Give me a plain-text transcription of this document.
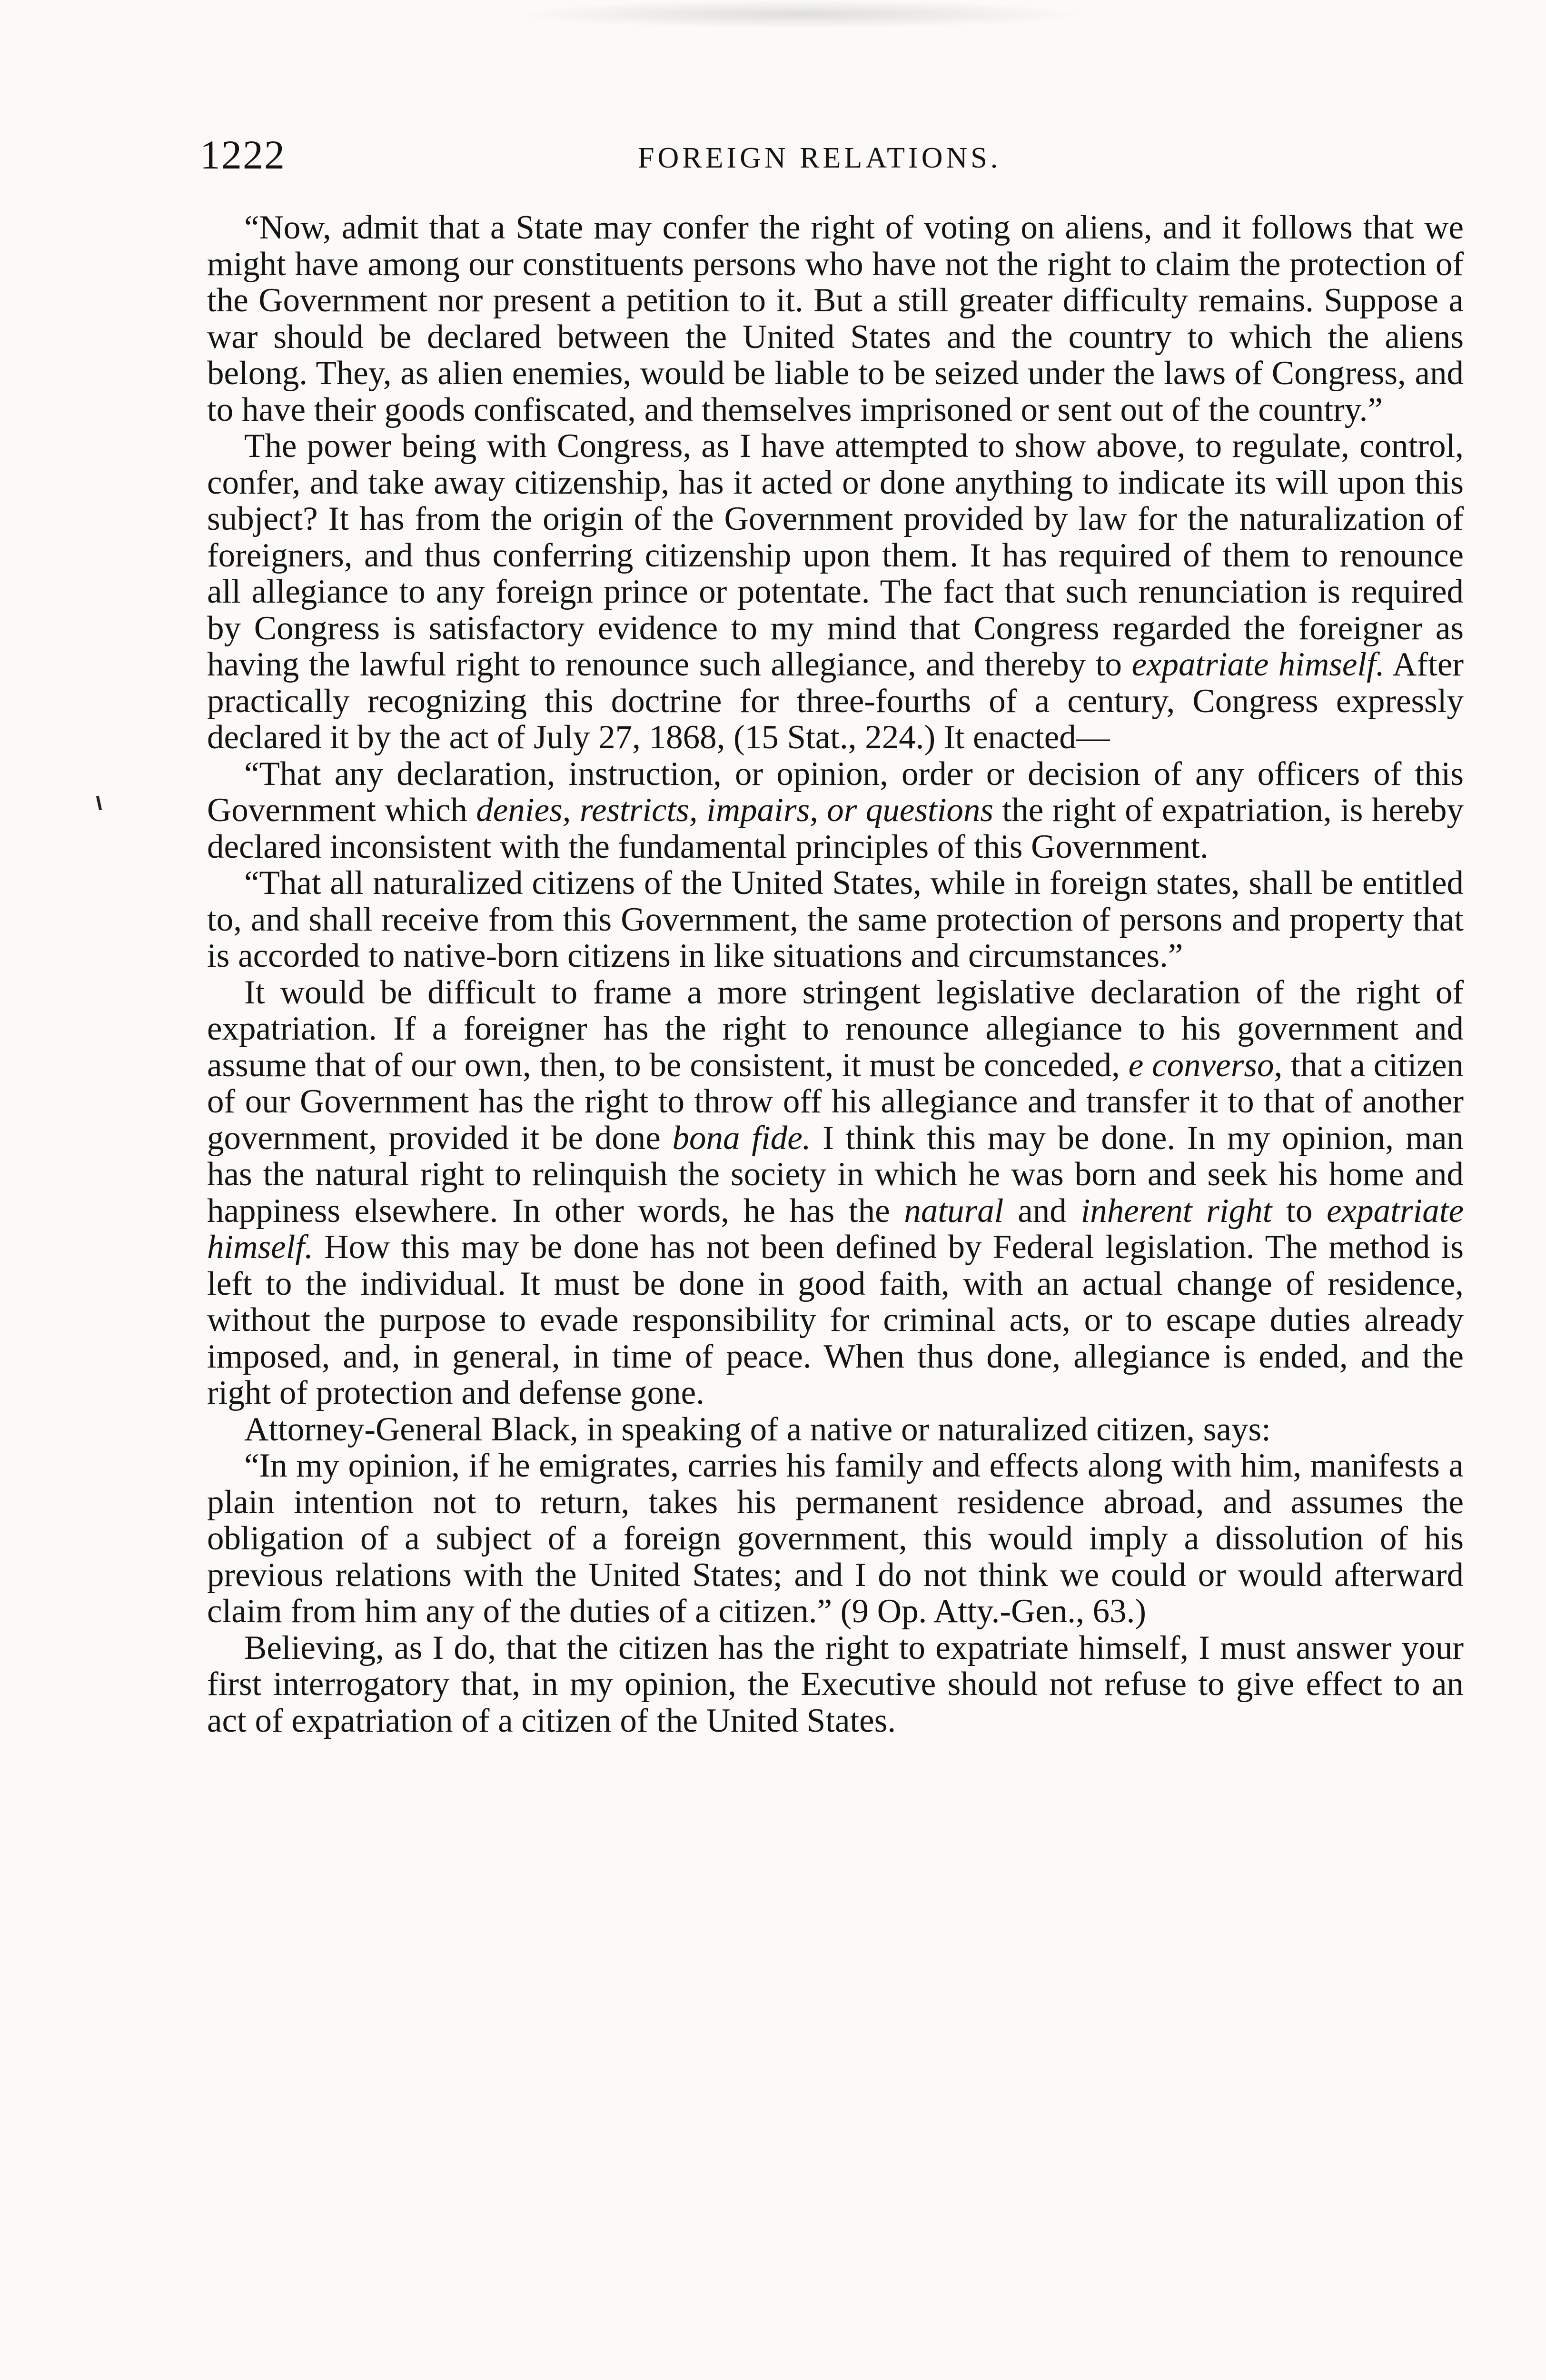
1222	FOREIGN RELATIONS.

“Now, admit that a State may confer the right of voting on aliens, and it follows that we might have among our constituents persons who have not the right to claim the protection of the Government nor present a petition to it. But a still greater difficulty remains. Suppose a war should be declared between the United States and the country to which the aliens belong. They, as alien enemies, would be liable to be seized under the laws of Congress, and to have their goods confiscated, and themselves imprisoned or sent out of the country.”

The power being with Congress, as I have attempted to show above, to regulate, control, confer, and take away citizenship, has it acted or done anything to indicate its will upon this subject? It has from the origin of the Government provided by law for the naturalization of foreigners, and thus conferring citizenship upon them. It has required of them to renounce all allegiance to any foreign prince or potentate. The fact that such renunciation is required by Congress is satisfactory evidence to my mind that Congress regarded the foreigner as having the lawful right to renounce such allegiance, and thereby to expatriate himself. After practically recognizing this doctrine for three-fourths of a century, Congress expressly declared it by the act of July 27, 1868, (15 Stat., 224.) It enacted—

“That any declaration, instruction, or opinion, order or decision of any officers of this Government which denies, restricts, impairs, or questions the right of expatriation, is hereby declared inconsistent with the fundamental principles of this Government.

“That all naturalized citizens of the United States, while in foreign states, shall be entitled to, and shall receive from this Government, the same protection of persons and property that is accorded to native-born citizens in like situations and circumstances.”

It would be difficult to frame a more stringent legislative declaration of the right of expatriation. If a foreigner has the right to renounce allegiance to his government and assume that of our own, then, to be consistent, it must be conceded, e converso, that a citizen of our Government has the right to throw off his allegiance and transfer it to that of another government, provided it be done bona fide. I think this may be done. In my opinion, man has the natural right to relinquish the society in which he was born and seek his home and happiness elsewhere. In other words, he has the natural and inherent right to expatriate himself. How this may be done has not been defined by Federal legislation. The method is left to the individual. It must be done in good faith, with an actual change of residence, without the purpose to evade responsibility for criminal acts, or to escape duties already imposed, and, in general, in time of peace. When thus done, allegiance is ended, and the right of protection and defense gone.

Attorney-General Black, in speaking of a native or naturalized citizen, says:

“In my opinion, if he emigrates, carries his family and effects along with him, manifests a plain intention not to return, takes his permanent residence abroad, and assumes the obligation of a subject of a foreign government, this would imply a dissolution of his previous relations with the United States; and I do not think we could or would afterward claim from him any of the duties of a citizen.” (9 Op. Atty.-Gen., 63.)

Believing, as I do, that the citizen has the right to expatriate himself, I must answer your first interrogatory that, in my opinion, the Executive should not refuse to give effect to an act of expatriation of a citizen of the United States.
